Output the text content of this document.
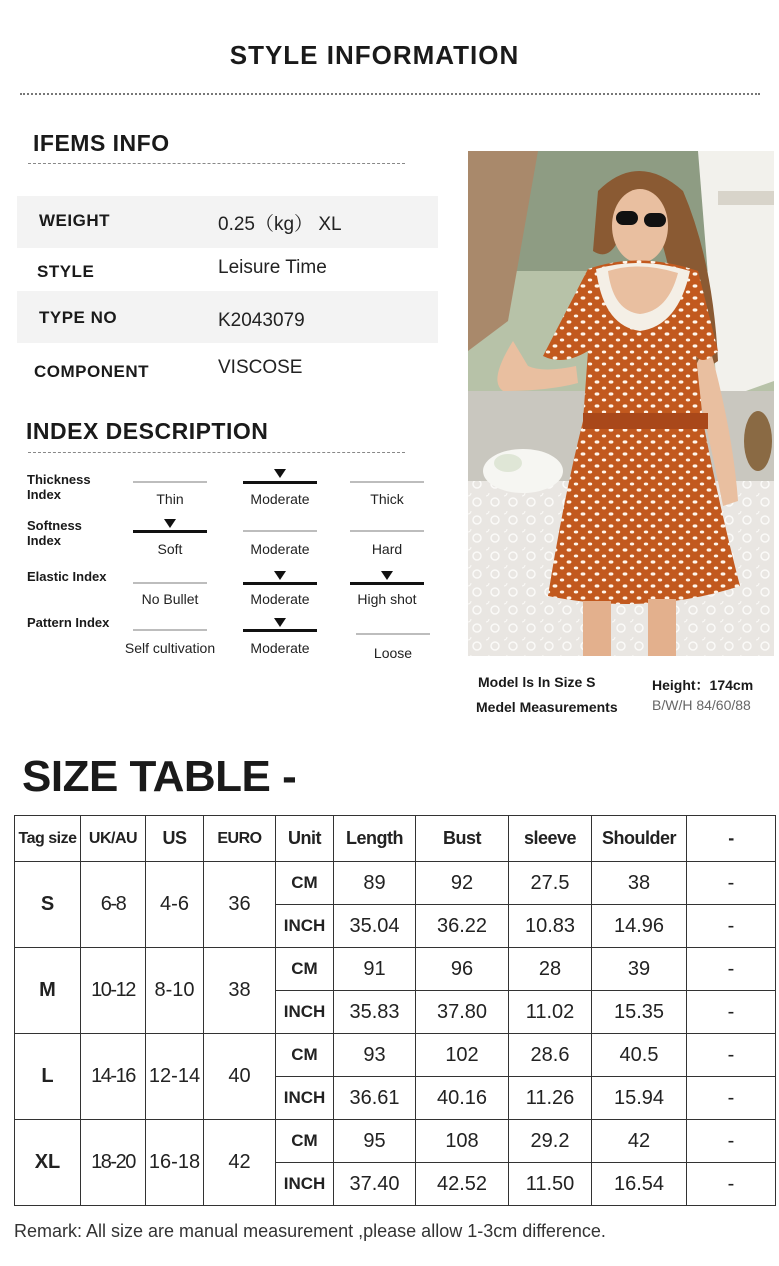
STYLE INFORMATION
IFEMS INFO
WEIGHT	0.25（kg） XL
STYLE	Leisure Time
TYPE NO	K2043079
COMPONENT	VISCOSE
INDEX DESCRIPTION
Thickness Index	Thin	Moderate	Thick
Softness Index
Soft	Moderate	Hard
Elastic Index
No Bullet	Moderate	High shot
Pattern Index
Self cultivation	Moderate	Loose
Model ls ln Size S
Medel Measurements
Height：174cm
B/W/H 84/60/88
SIZE TABLE -
Tag size	UK/AU	US	EURO	Unit	Length	Bust	sleeve	Shoulder	-
S	6-8	4-6	36	CM	89	92	27.5	38	-
				INCH	35.04	36.22	10.83	14.96	-
M	10-12	8-10	38	CM	91	96	28	39	-
				INCH	35.83	37.80	11.02	15.35	-
L	14-16	12-14	40	CM	93	102	28.6	40.5	-
				INCH	36.61	40.16	11.26	15.94	-
XL	18-20	16-18	42	CM	95	108	29.2	42	-
				INCH	37.40	42.52	11.50	16.54	-
Remark: All size are manual measurement ,please allow 1-3cm difference.
